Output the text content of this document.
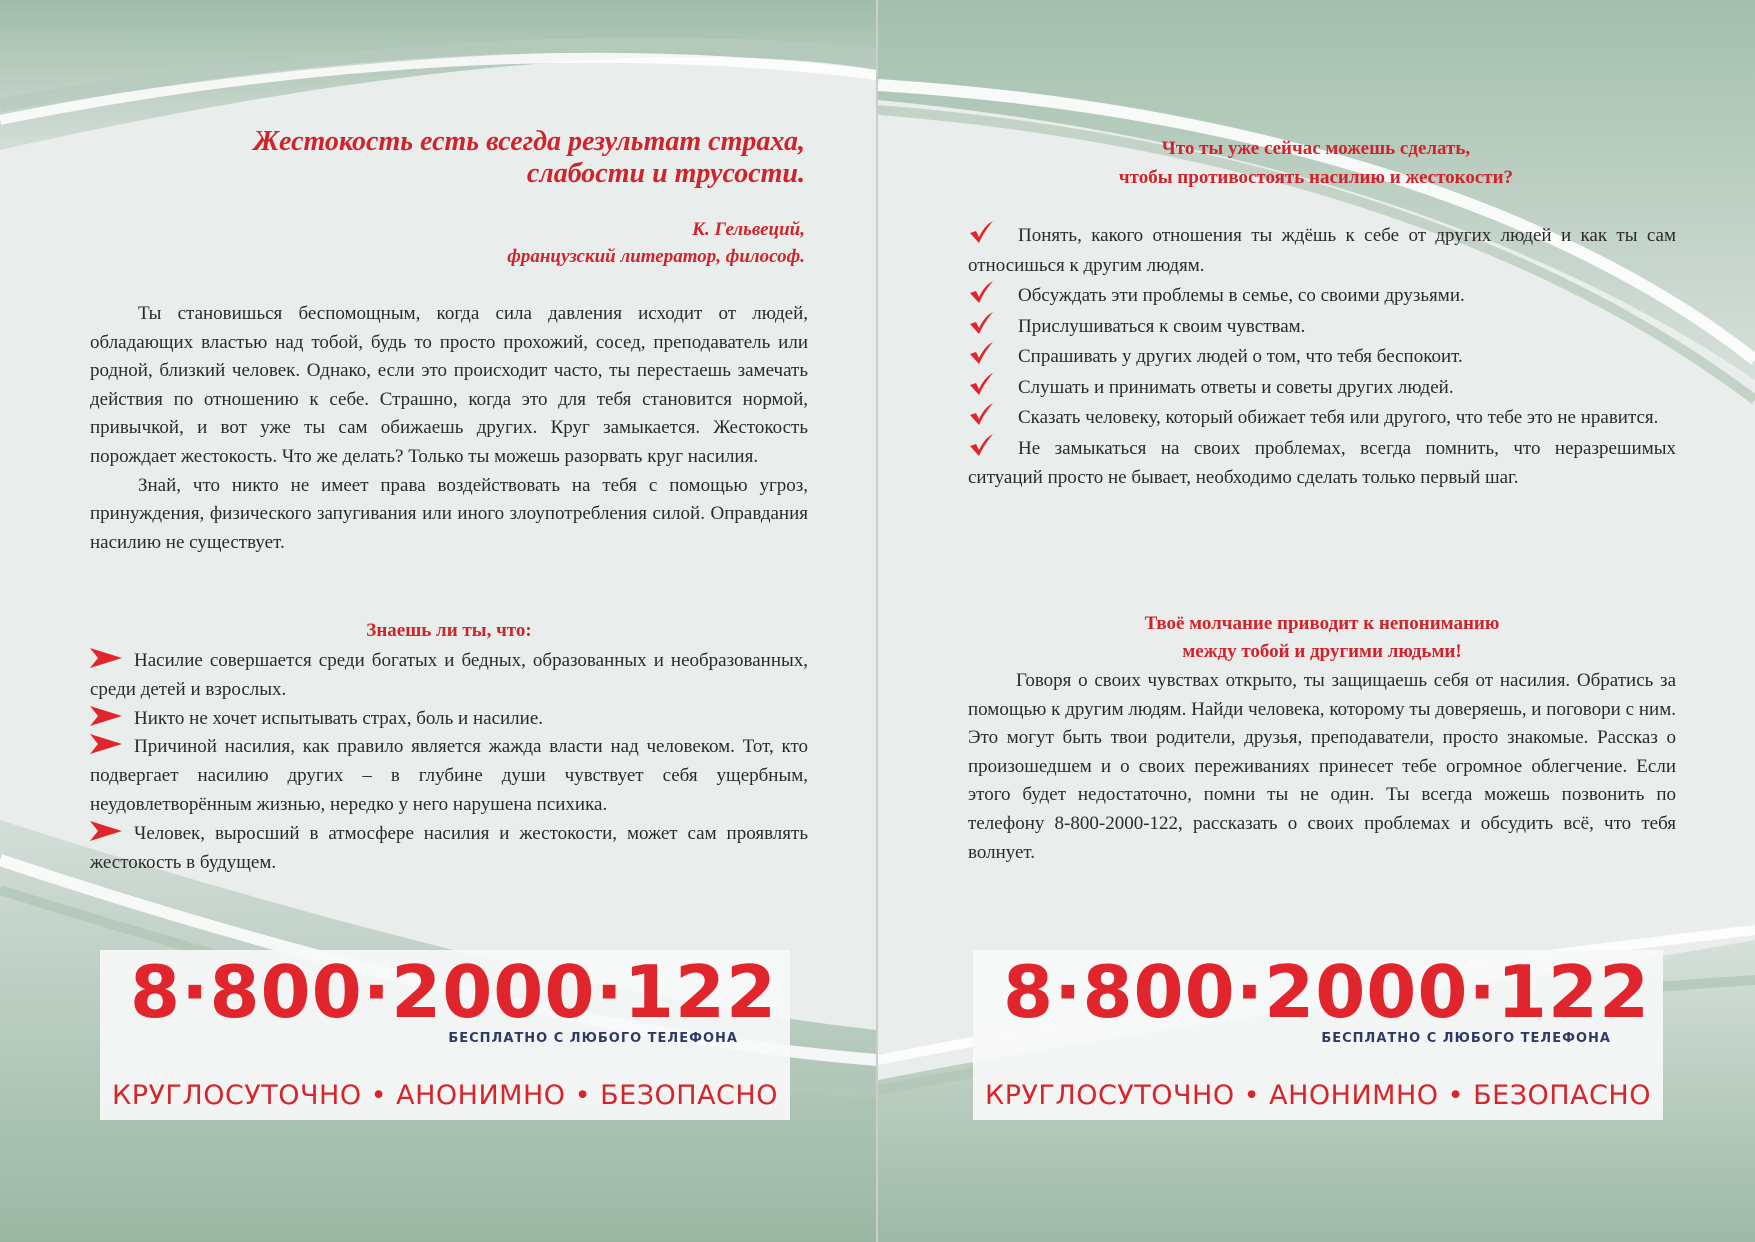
Жестокость есть всегда результат страха, слабости и трусости.
К. Гельвеций,
французский литератор, философ.

Ты становишься беспомощным, когда сила давления исходит от людей, обладающих властью над тобой, будь то просто прохожий, сосед, преподаватель или родной, близкий человек. Однако, если это происходит часто, ты перестаешь замечать действия по отношению к себе. Страшно, когда это для тебя становится нормой, привычкой, и вот уже ты сам обижаешь других. Круг замыкается. Жестокость порождает жестокость. Что же делать? Только ты можешь разорвать круг насилия.

Знай, что никто не имеет права воздействовать на тебя с помощью угроз, принуждения, физического запугивания или иного злоупотребления силой. Оправдания насилию не существует.

Знаешь ли ты, что:

Насилие совершается среди богатых и бедных, образованных и необразованных, среди детей и взрослых.

Никто не хочет испытывать страх, боль и насилие.

Причиной насилия, как правило является жажда власти над человеком. Тот, кто подвергает насилию других – в глубине души чувствует себя ущербным, неудовлетворённым жизнью, нередко у него нарушена психика.

Человек, выросший в атмосфере насилия и жестокости, может сам проявлять жестокость в будущем.

8·800·2000·122
БЕСПЛАТНО С ЛЮБОГО ТЕЛЕФОНА
КРУГЛОСУТОЧНО • АНОНИМНО • БЕЗОПАСНО
Что ты уже сейчас можешь сделать,
чтобы противостоять насилию и жестокости?

Понять, какого отношения ты ждёшь к себе от других людей и как ты сам относишься к другим людям.

Обсуждать эти проблемы в семье, со своими друзьями.

Прислушиваться к своим чувствам.

Спрашивать у других людей о том, что тебя беспокоит.

Слушать и принимать ответы и советы других людей.

Сказать человеку, который обижает тебя или другого, что тебе это не нравится.

Не замыкаться на своих проблемах, всегда помнить, что неразрешимых ситуаций просто не бывает, необходимо сделать только первый шаг.

Твоё молчание приводит к непониманию
между тобой и другими людьми!

Говоря о своих чувствах открыто, ты защищаешь себя от насилия. Обратись за помощью к другим людям. Найди человека, которому ты доверяешь, и поговори с ним. Это могут быть твои родители, друзья, преподаватели, просто знакомые. Рассказ о произошедшем и о своих переживаниях принесет тебе огромное облегчение. Если этого будет недостаточно, помни ты не один. Ты всегда можешь позвонить по телефону 8-800-2000-122, рассказать о своих проблемах и обсудить всё, что тебя волнует.

8·800·2000·122
БЕСПЛАТНО С ЛЮБОГО ТЕЛЕФОНА
КРУГЛОСУТОЧНО • АНОНИМНО • БЕЗОПАСНО
